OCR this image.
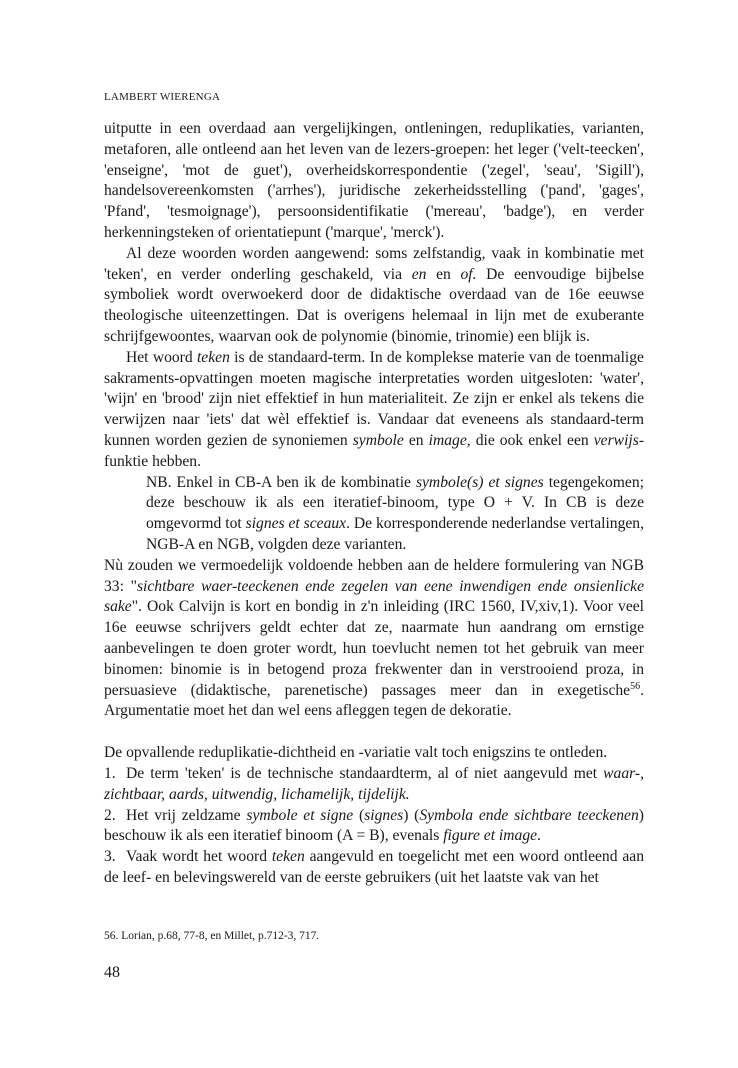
LAMBERT WIERENGA

uitputte in een overdaad aan vergelijkingen, ontleningen, reduplikaties, varianten, metaforen, alle ontleend aan het leven van de lezers-groepen: het leger ('velt-teecken', 'enseigne', 'mot de guet'), overheidskorrespondentie ('zegel', 'seau', 'Sigill'), handelsovereenkomsten ('arrhes'), juridische zekerheidsstelling ('pand', 'gages', 'Pfand', 'tesmoignage'), persoonsidentifikatie ('mereau', 'badge'), en verder herkenningsteken of orientatiepunt ('marque', 'merck').

Al deze woorden worden aangewend: soms zelfstandig, vaak in kombinatie met 'teken', en verder onderling geschakeld, via en en of. De eenvoudige bijbelse symboliek wordt overwoekerd door de didaktische overdaad van de 16e eeuwse theologische uiteenzettingen. Dat is overigens helemaal in lijn met de exuberante schrijfgewoontes, waarvan ook de polynomie (binomie, trinomie) een blijk is.

Het woord teken is de standaard-term. In de komplekse materie van de toenmalige sakraments-opvattingen moeten magische interpretaties worden uitgesloten: 'water', 'wijn' en 'brood' zijn niet effektief in hun materialiteit. Ze zijn er enkel als tekens die verwijzen naar 'iets' dat wèl effektief is. Vandaar dat eveneens als standaard-term kunnen worden gezien de synoniemen symbole en image, die ook enkel een verwijs-funktie hebben.

NB. Enkel in CB-A ben ik de kombinatie symbole(s) et signes tegengekomen; deze beschouw ik als een iteratief-binoom, type O + V. In CB is deze omgevormd tot signes et sceaux. De korresponderende nederlandse vertalingen, NGB-A en NGB, volgden deze varianten.

Nù zouden we vermoedelijk voldoende hebben aan de heldere formulering van NGB 33: "sichtbare waer-teeckenen ende zegelen van eene inwendigen ende onsienlicke sake". Ook Calvijn is kort en bondig in z'n inleiding (IRC 1560, IV,xiv,1). Voor veel 16e eeuwse schrijvers geldt echter dat ze, naarmate hun aandrang om ernstige aanbevelingen te doen groter wordt, hun toevlucht nemen tot het gebruik van meer binomen: binomie is in betogend proza frekwenter dan in verstrooiend proza, in persuasieve (didaktische, parenetische) passages meer dan in exegetische$^{56}$. Argumentatie moet het dan wel eens afleggen tegen de dekoratie.

De opvallende reduplikatie-dichtheid en -variatie valt toch enigszins te ontleden.

1. De term 'teken' is de technische standaardterm, al of niet aangevuld met waar-, zichtbaar, aards, uitwendig, lichamelijk, tijdelijk.

2. Het vrij zeldzame symbole et signe (signes) (Symbola ende sichtbare teeckenen) beschouw ik als een iteratief binoom (A = B), evenals figure et image.

3. Vaak wordt het woord teken aangevuld en toegelicht met een woord ontleend aan de leef- en belevingswereld van de eerste gebruikers (uit het laatste vak van het

56. Lorian, p.68, 77-8, en Millet, p.712-3, 717.
48
